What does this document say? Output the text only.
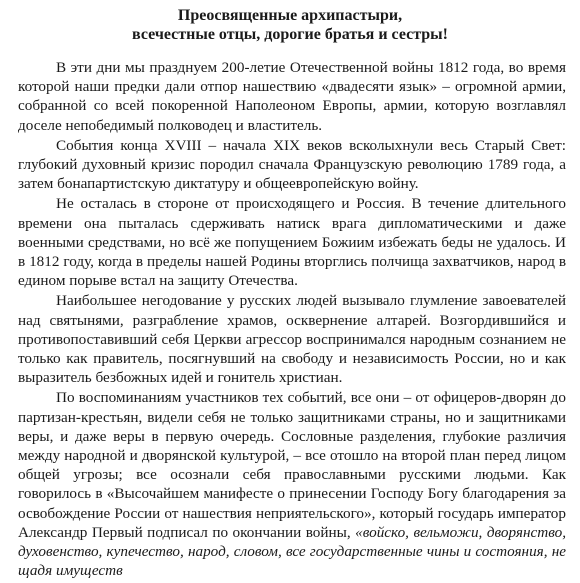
Преосвященные архипастыри,
всечестные отцы, дорогие братья и сестры!

В эти дни мы празднуем 200-летие Отечественной войны 1812 года, во время которой наши предки дали отпор нашествию «двадесяти язык» – огромной армии, собранной со всей покоренной Наполеоном Европы, армии, которую возглавлял доселе непобедимый полководец и властитель.

События конца XVIII – начала XIX веков всколыхнули весь Старый Свет: глубокий духовный кризис породил сначала Французскую революцию 1789 года, а затем бонапартистскую диктатуру и общеевропейскую войну.

Не осталась в стороне от происходящего и Россия. В течение длительного времени она пыталась сдерживать натиск врага дипломатическими и даже военными средствами, но всё же попущением Божиим избежать беды не удалось. И в 1812 году, когда в пределы нашей Родины вторглись полчища захватчиков, народ в едином порыве встал на защиту Отечества.

Наибольшее негодование у русских людей вызывало глумление завоевателей над святынями, разграбление храмов, осквернение алтарей. Возгордившийся и противопоставивший себя Церкви агрессор воспринимался народным сознанием не только как правитель, посягнувший на свободу и независимость России, но и как выразитель безбожных идей и гонитель христиан.

По воспоминаниям участников тех событий, все они – от офицеров-дворян до партизан-крестьян, видели себя не только защитниками страны, но и защитниками веры, и даже веры в первую очередь. Сословные разделения, глубокие различия между народной и дворянской культурой, – все отошло на второй план перед лицом общей угрозы; все осознали себя православными русскими людьми. Как говорилось в «Высочайшем манифесте о принесении Господу Богу благодарения за освобождение России от нашествия неприятельского», который государь император Александр Первый подписал по окончании войны, «войско, вельможи, дворянство, духовенство, купечество, народ, словом, все государственные чины и состояния, не щадя имуществ
